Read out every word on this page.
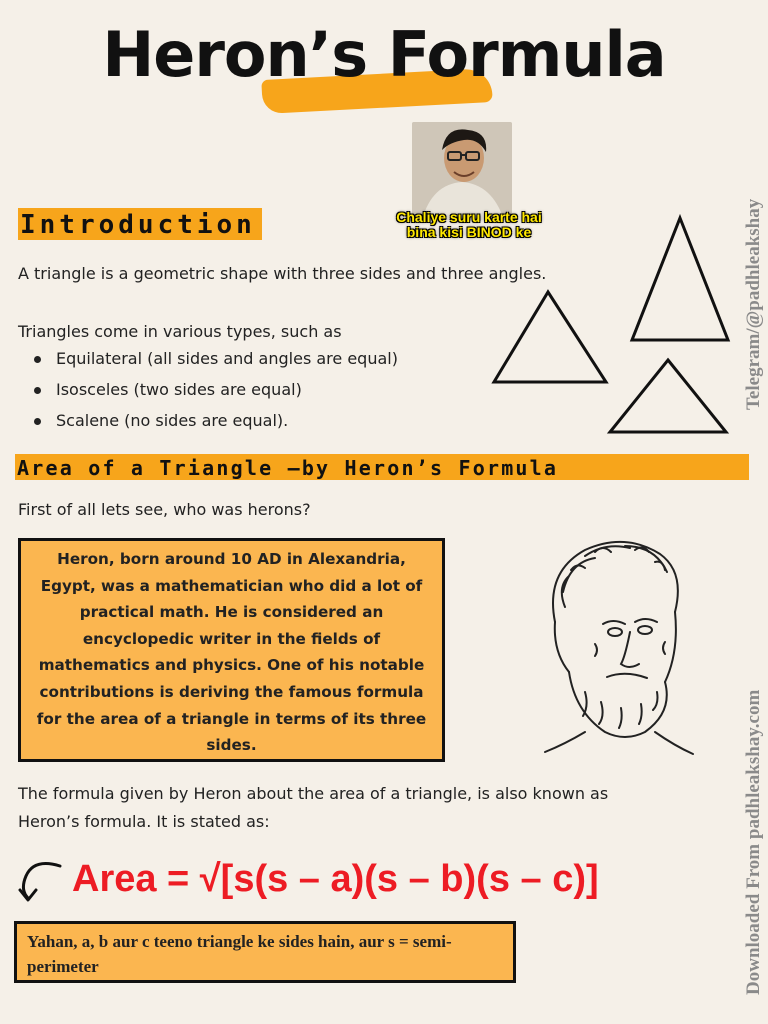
Heron’s Formula
Chaliye suru karte hai bina kisi BINOD ke
Introduction
A triangle is a geometric shape with three sides and three angles.
Triangles come in various types, such as
Equilateral (all sides and angles are equal)
Isosceles (two sides are equal)
Scalene (no sides are equal).
Area of a Triangle —by Heron’s Formula
First of all lets see, who was herons?
Heron, born around 10 AD in Alexandria, Egypt, was a mathematician who did a lot of practical math. He is considered an encyclopedic writer in the fields of mathematics and physics. One of his notable contributions is deriving the famous formula for the area of a triangle in terms of its three sides.
The formula given by Heron about the area of a triangle, is also known as Heron’s formula. It is stated as:
Area = √[s(s – a)(s – b)(s – c)]
Yahan, a, b aur c teeno triangle ke sides hain, aur s = semi-perimeter
Telegram/@padhleakshay
Downloaded From padhleakshay.com
